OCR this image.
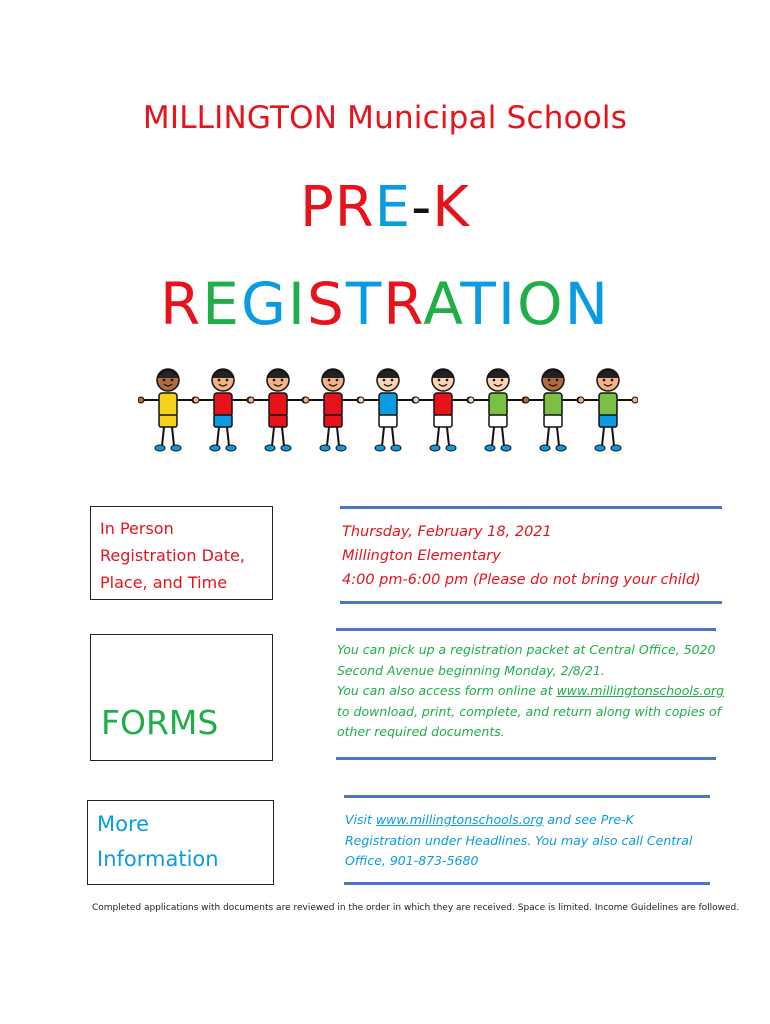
MILLINGTON Municipal Schools
PRE-K
REGISTRATION
In Person
Registration Date,
Place, and Time
Thursday, February 18, 2021
Millington Elementary
4:00 pm-6:00 pm (Please do not bring your child)
FORMS
You can pick up a registration packet at Central Office, 5020
Second Avenue beginning Monday, 2/8/21.
You can also access form online at www.millingtonschools.org
to download, print, complete, and return along with copies of
other required documents.
More
Information
Visit www.millingtonschools.org and see Pre-K
Registration under Headlines. You may also call Central
Office, 901-873-5680
Completed applications with documents are reviewed in the order in which they are received. Space is limited. Income Guidelines are followed.
